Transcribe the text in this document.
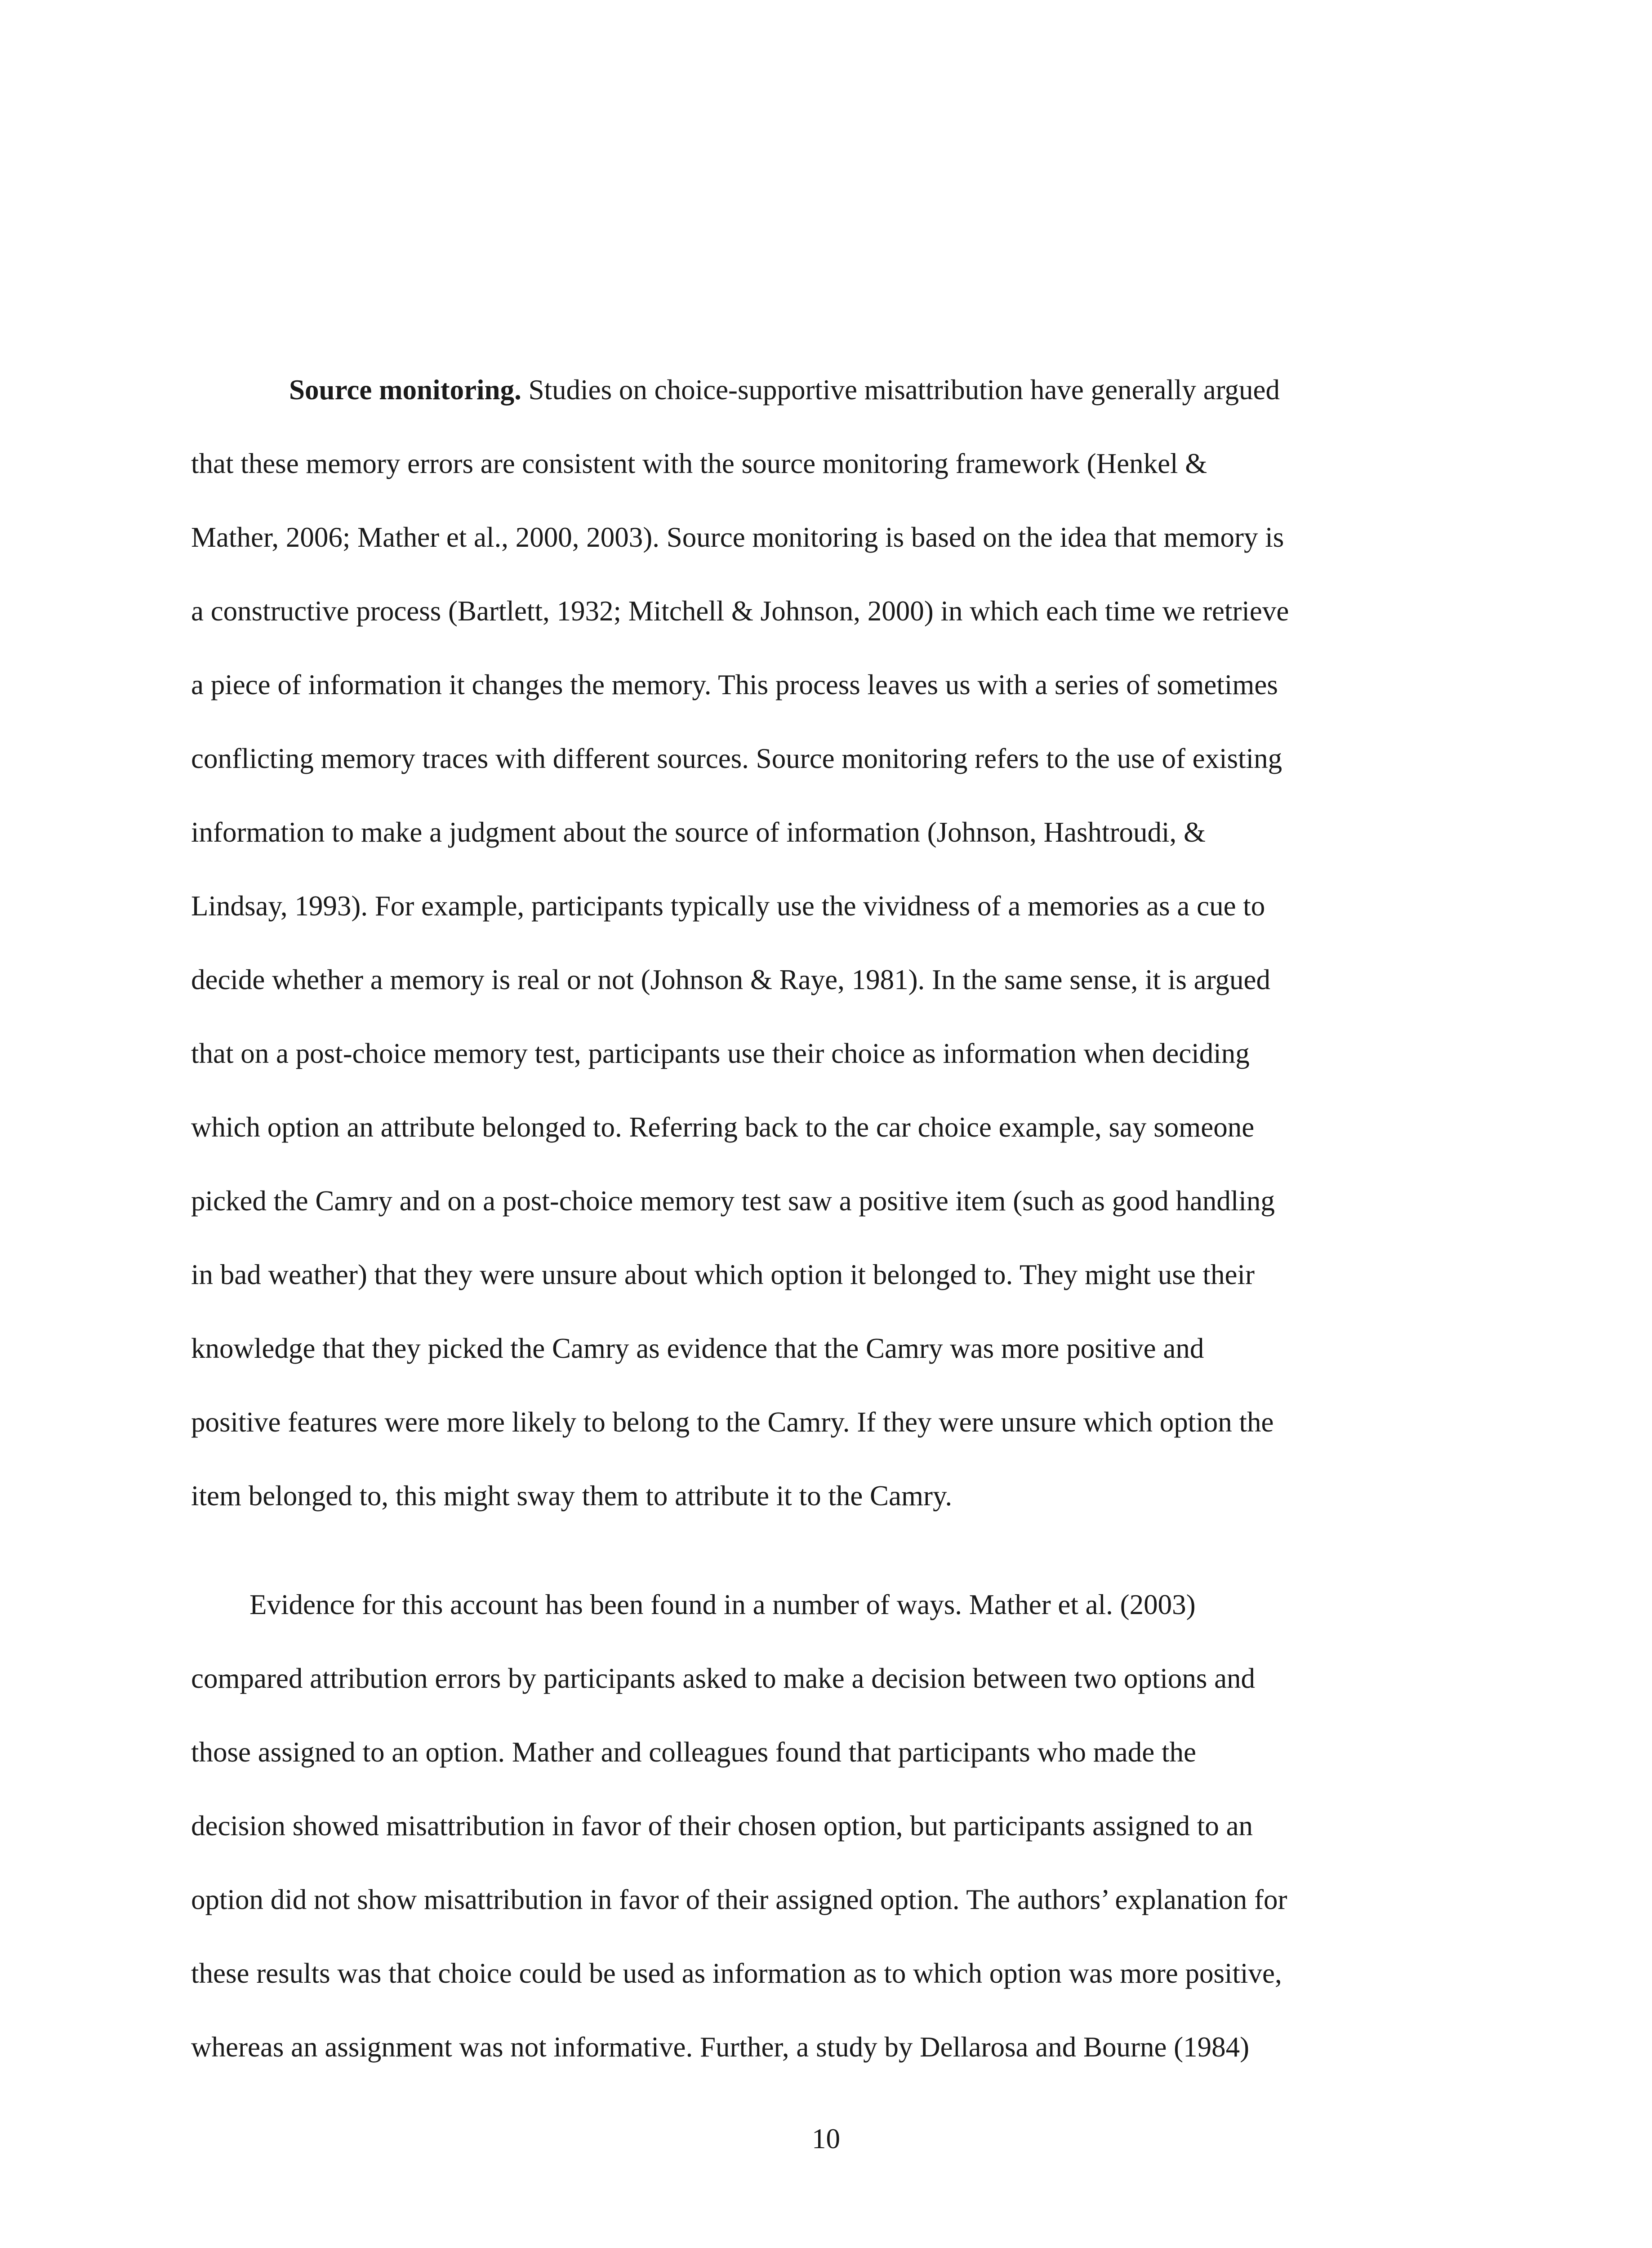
Source monitoring. Studies on choice-supportive misattribution have generally argued
that these memory errors are consistent with the source monitoring framework (Henkel &
Mather, 2006; Mather et al., 2000, 2003). Source monitoring is based on the idea that memory is
a constructive process (Bartlett, 1932; Mitchell & Johnson, 2000) in which each time we retrieve
a piece of information it changes the memory. This process leaves us with a series of sometimes
conflicting memory traces with different sources. Source monitoring refers to the use of existing
information to make a judgment about the source of information (Johnson, Hashtroudi, &
Lindsay, 1993). For example, participants typically use the vividness of a memories as a cue to
decide whether a memory is real or not (Johnson & Raye, 1981). In the same sense, it is argued
that on a post-choice memory test, participants use their choice as information when deciding
which option an attribute belonged to. Referring back to the car choice example, say someone
picked the Camry and on a post-choice memory test saw a positive item (such as good handling
in bad weather) that they were unsure about which option it belonged to. They might use their
knowledge that they picked the Camry as evidence that the Camry was more positive and
positive features were more likely to belong to the Camry. If they were unsure which option the
item belonged to, this might sway them to attribute it to the Camry.
Evidence for this account has been found in a number of ways. Mather et al. (2003)
compared attribution errors by participants asked to make a decision between two options and
those assigned to an option. Mather and colleagues found that participants who made the
decision showed misattribution in favor of their chosen option, but participants assigned to an
option did not show misattribution in favor of their assigned option. The authors’ explanation for
these results was that choice could be used as information as to which option was more positive,
whereas an assignment was not informative. Further, a study by Dellarosa and Bourne (1984)
10
